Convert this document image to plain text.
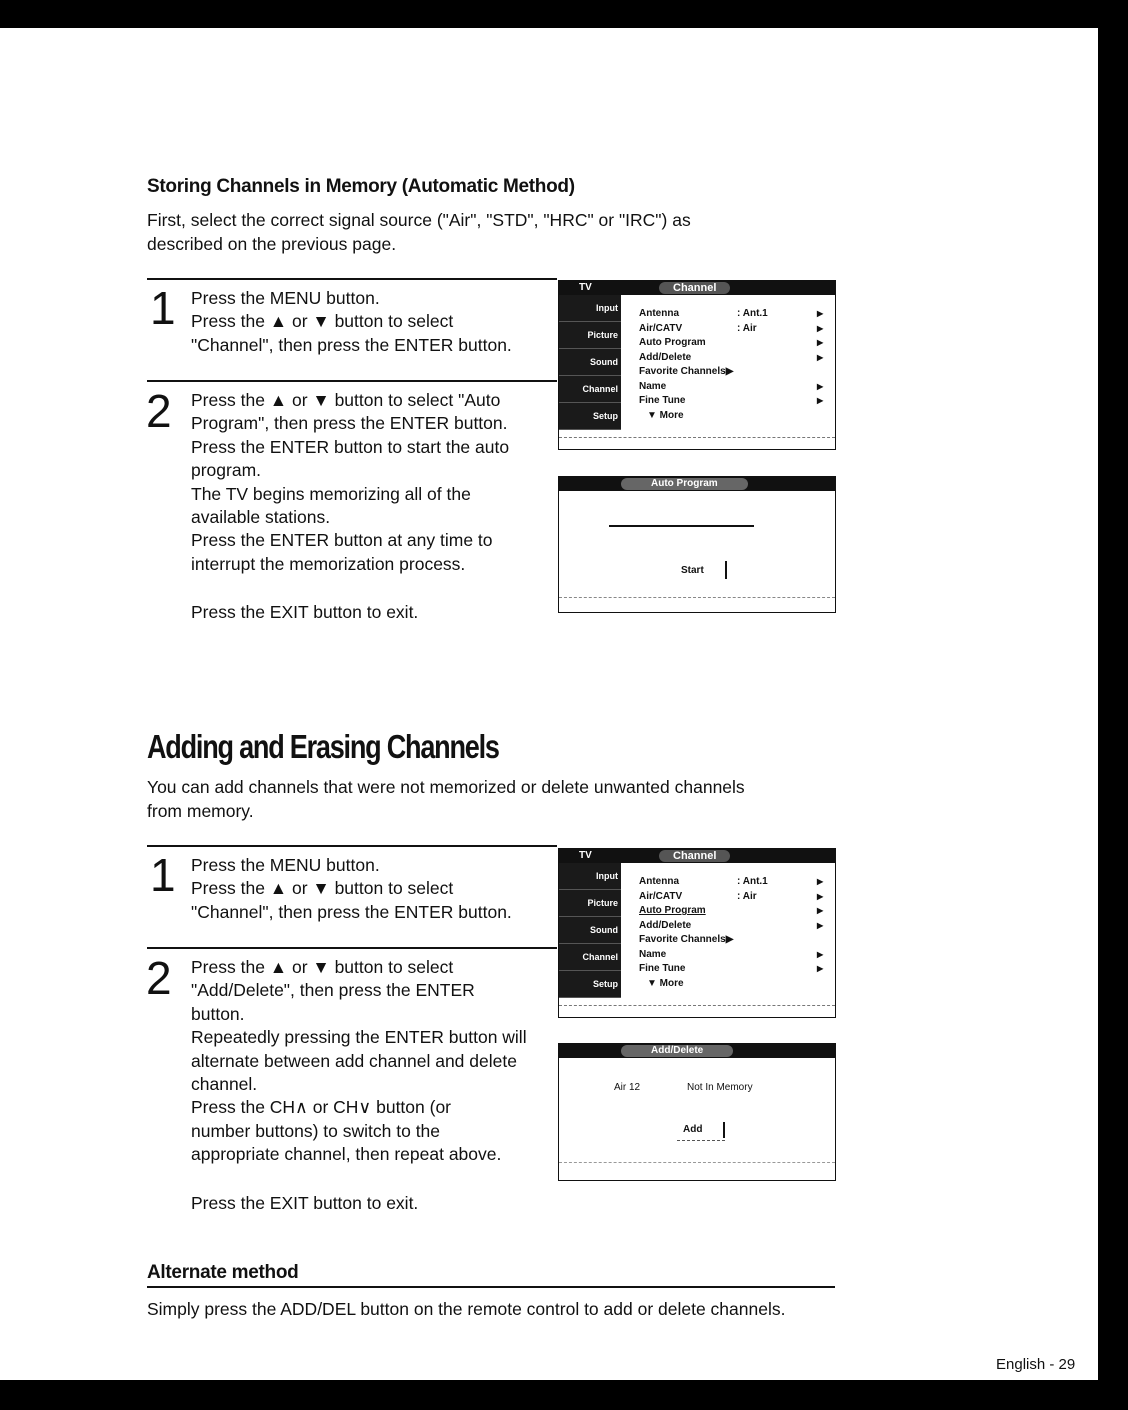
Storing Channels in Memory (Automatic Method)
First, select the correct signal source ("Air", "STD", "HRC" or "IRC") as
described on the previous page.
1 Press the MENU button.
Press the ▲ or ▼ button to select
"Channel", then press the ENTER button.
2 Press the ▲ or ▼ button to select "Auto
Program", then press the ENTER button.
Press the ENTER button to start the auto
program.
The TV begins memorizing all of the
available stations.
Press the ENTER button at any time to
interrupt the memorization process.
Press the EXIT button to exit.
TV	Channel
Input
Picture
Sound
Channel
Setup
Antenna	: Ant.1	▶
Air/CATV	: Air	▶
Auto Program	▶
Add/Delete	▶
Favorite Channels▶
Name	▶
Fine Tune	▶
▼ More
Auto Program
Start
Adding and Erasing Channels
You can add channels that were not memorized or delete unwanted channels
from memory.
1 Press the MENU button.
Press the ▲ or ▼ button to select
"Channel", then press the ENTER button.
2 Press the ▲ or ▼ button to select
"Add/Delete", then press the ENTER
button.
Repeatedly pressing the ENTER button will
alternate between add channel and delete
channel.
Press the CH∧ or CH∨ button (or
number buttons) to switch to the
appropriate channel, then repeat above.
Press the EXIT button to exit.
TV	Channel
Input
Picture
Sound
Channel
Setup
Antenna	: Ant.1	▶
Air/CATV	: Air	▶
Auto Program	▶
Add/Delete	▶
Favorite Channels▶
Name	▶
Fine Tune	▶
▼ More
Add/Delete
Air 12	Not In Memory
Add
Alternate method
Simply press the ADD/DEL button on the remote control to add or delete channels.
English - 29
